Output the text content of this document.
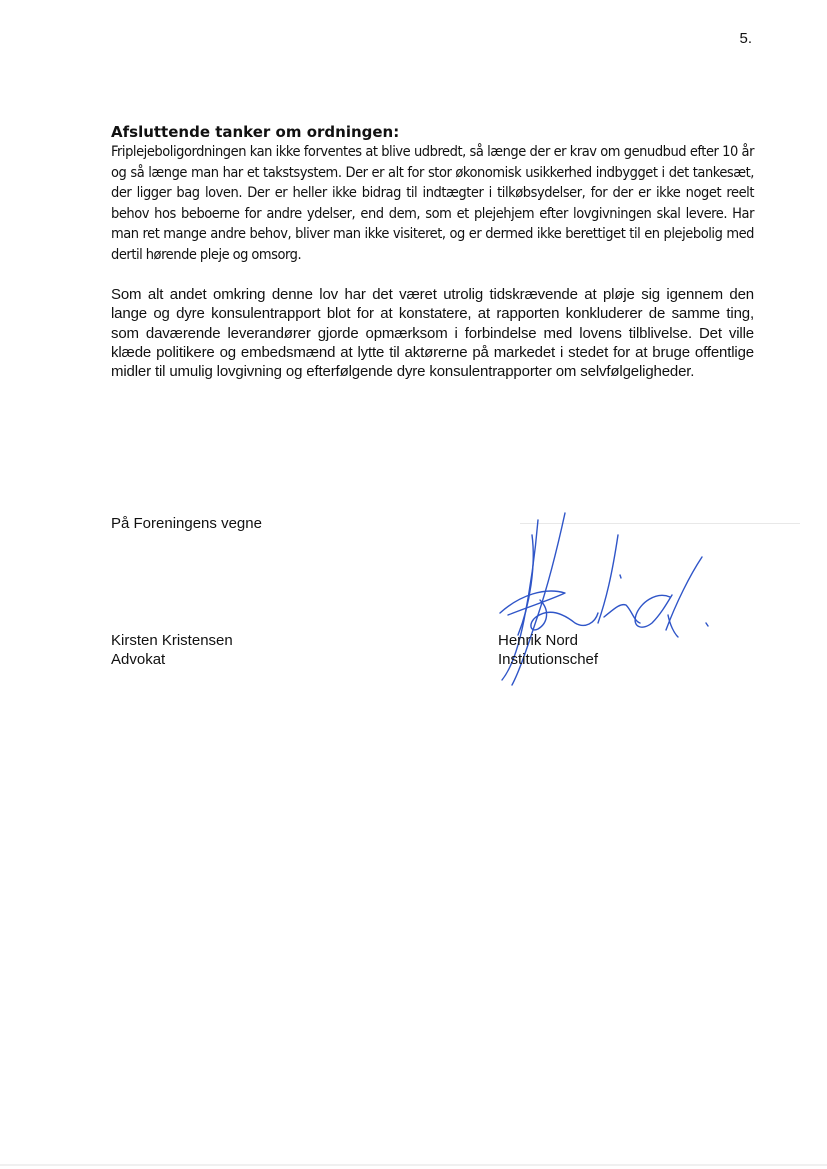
5.

Afsluttende tanker om ordningen:

Friplejeboligordningen kan ikke forventes at blive udbredt, så længe der er krav om genudbud efter 10 år og så længe man har et takstsystem. Der er alt for stor økonomisk usikkerhed indbygget i det tankesæt, der ligger bag loven. Der er heller ikke bidrag til indtægter i tilkøbsydelser, for der er ikke noget reelt behov hos beboerne for andre ydelser, end dem, som et plejehjem efter lovgivningen skal levere. Har man ret mange andre behov, bliver man ikke visiteret, og er dermed ikke berettiget til en plejebolig med dertil hørende pleje og omsorg.

Som alt andet omkring denne lov har det været utrolig tidskrævende at pløje sig igennem den lange og dyre konsulentrapport blot for at konstatere, at rapporten konkluderer de samme ting, som daværende leverandører gjorde opmærksom i forbindelse med lovens tilblivelse. Det ville klæde politikere og embedsmænd at lytte til aktørerne på markedet i stedet for at bruge offentlige midler til umulig lovgivning og efterfølgende dyre konsulentrapporter om selvfølgeligheder.

På Foreningens vegne
Kirsten Kristensen
Advokat
Henrik Nord
Institutionschef
